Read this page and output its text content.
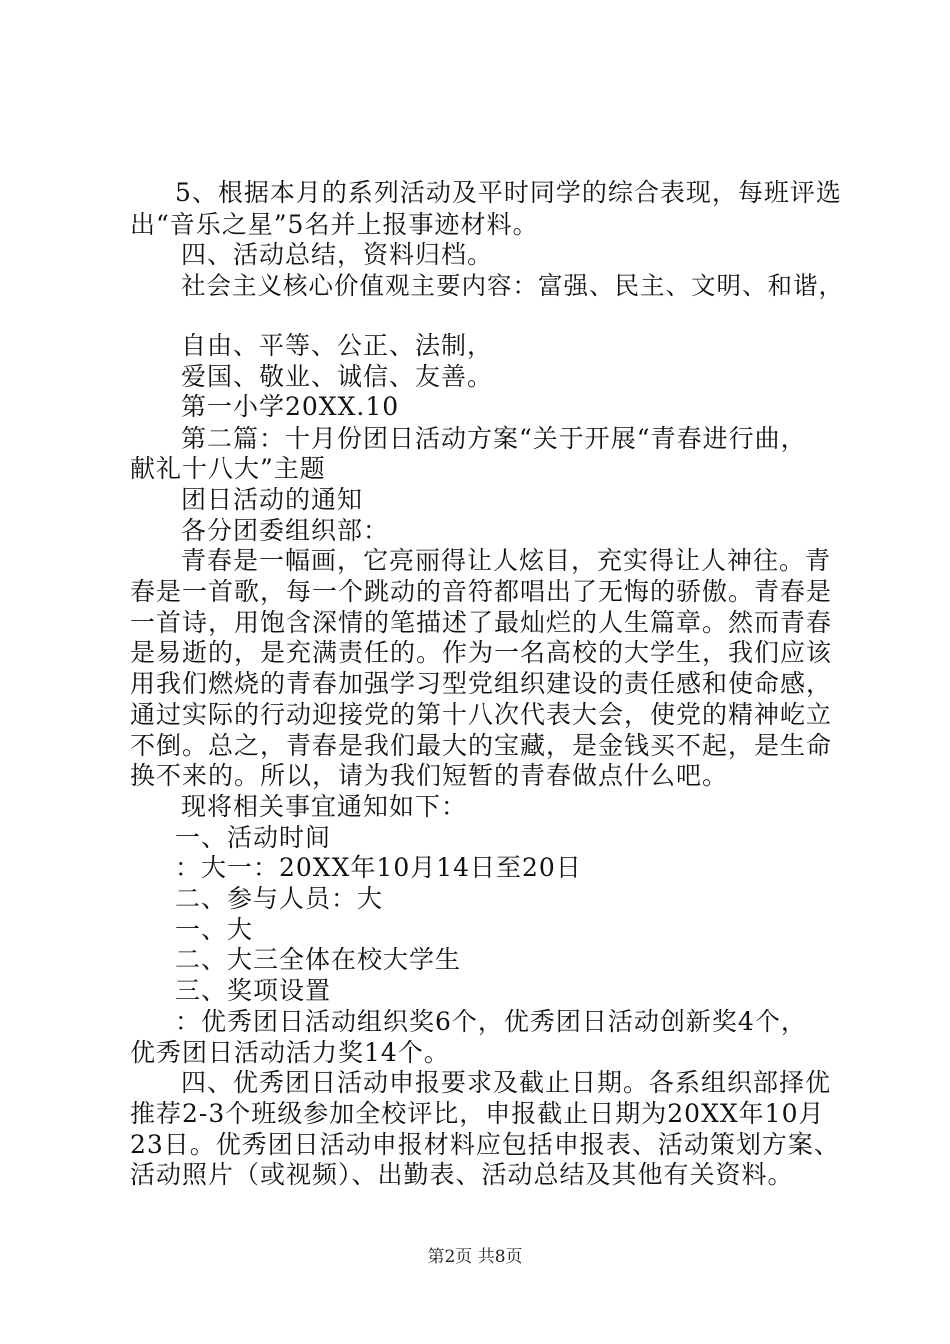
5、根据本月的系列活动及平时同学的综合表现，每班评选
出“音乐之星”5名并上报事迹材料。
四、活动总结，资料归档。
社会主义核心价值观主要内容：富强、民主、文明、和谐，
自由、平等、公正、法制，
爱国、敬业、诚信、友善。
第一小学20XX.10
第二篇：十月份团日活动方案“关于开展“青春进行曲，
献礼十八大”主题
团日活动的通知
各分团委组织部：
青春是一幅画，它亮丽得让人炫目，充实得让人神往。青
春是一首歌，每一个跳动的音符都唱出了无悔的骄傲。青春是
一首诗，用饱含深情的笔描述了最灿烂的人生篇章。然而青春
是易逝的，是充满责任的。作为一名高校的大学生，我们应该
用我们燃烧的青春加强学习型党组织建设的责任感和使命感，
通过实际的行动迎接党的第十八次代表大会，使党的精神屹立
不倒。总之，青春是我们最大的宝藏，是金钱买不起，是生命
换不来的。所以，请为我们短暂的青春做点什么吧。
现将相关事宜通知如下：
一、活动时间
：大一：20XX年10月14日至20日
二、参与人员：大
一、大
二、大三全体在校大学生
三、奖项设置
：优秀团日活动组织奖6个，优秀团日活动创新奖4个，
优秀团日活动活力奖14个。
四、优秀团日活动申报要求及截止日期。各系组织部择优
推荐2-3个班级参加全校评比，申报截止日期为20XX年10月
23日。优秀团日活动申报材料应包括申报表、活动策划方案、
活动照片（或视频）、出勤表、活动总结及其他有关资料。
第2页 共8页
